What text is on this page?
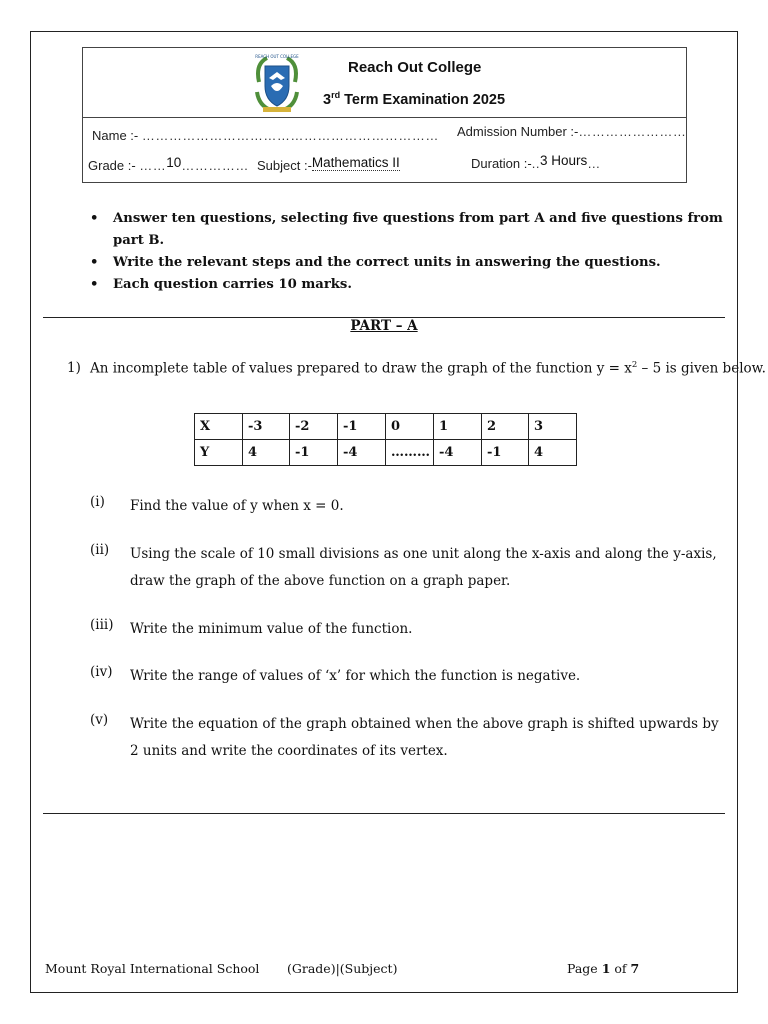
REACH OUT COLLEGE
Reach Out College
3rd Term Examination 2025
Name :- ………………………………………………………… Admission Number :-……………………
Grade :- ……10…………… Subject :-Mathematics II	Duration :-..3 Hours…
• Answer ten questions, selecting five questions from part A and five questions from part B.
• Write the relevant steps and the correct units in answering the questions.
• Each question carries 10 marks.
PART – A
1) An incomplete table of values prepared to draw the graph of the function $y = x^2 - 5$ is given below.
X	-3	-2	-1	0	1	2	3
Y	4	-1	-4	………	-4	-1	4
(i) Find the value of y when x = 0.
(ii) Using the scale of 10 small divisions as one unit along the x-axis and along the y-axis, draw the graph of the above function on a graph paper.
(iii) Write the minimum value of the function.
(iv) Write the range of values of ‘x’ for which the function is negative.
(v) Write the equation of the graph obtained when the above graph is shifted upwards by 2 units and write the coordinates of its vertex.
Mount Royal International School (Grade)|(Subject)	Page 1 of 7
